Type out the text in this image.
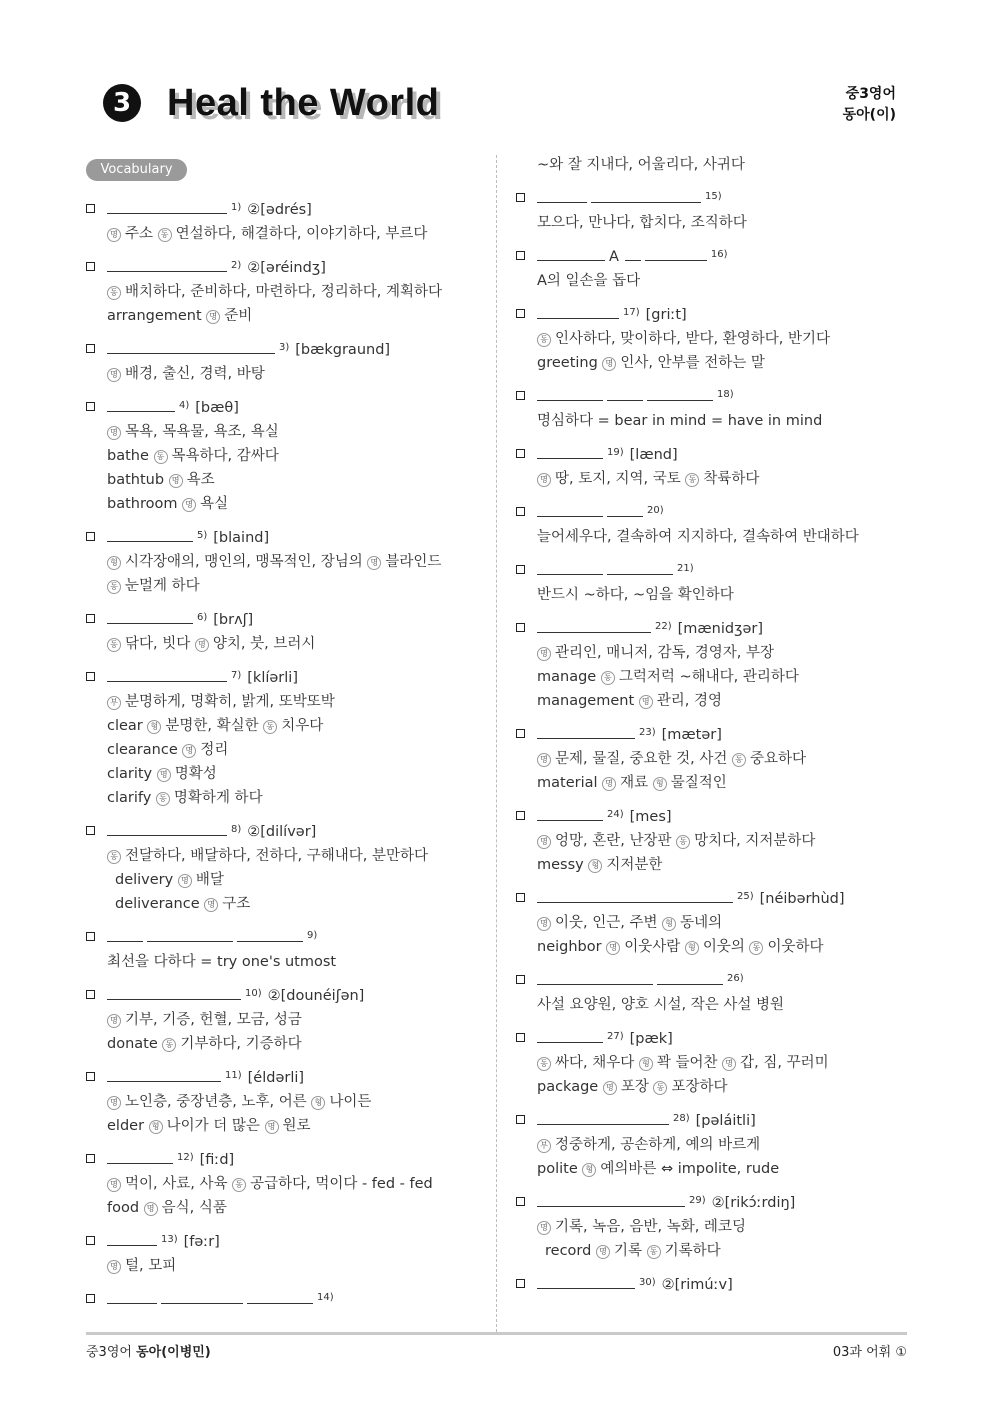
3 Heal the World	중3영어
동아(이)
Vocabulary
$^{1)}$ ②[ədrés]
명 주소 동 연설하다, 해결하다, 이야기하다, 부르다
$^{2)}$ ②[əréindʒ]
동 배치하다, 준비하다, 마련하다, 정리하다, 계획하다
arrangement 명 준비
$^{3)}$ [bækgraund]
명 배경, 출신, 경력, 바탕
$^{4)}$ [bæθ]
명 목욕, 목욕물, 욕조, 욕실
bathe 동 목욕하다, 감싸다
bathtub 명 욕조
bathroom 명 욕실
$^{5)}$ [blaind]
형 시각장애의, 맹인의, 맹목적인, 장님의 명 블라인드
동 눈멀게 하다
$^{6)}$ [brʌʃ]
동 닦다, 빗다 명 양치, 붓, 브러시
$^{7)}$ [klíərli]
부 분명하게, 명확히, 밝게, 또박또박
clear 형 분명한, 확실한 동 치우다
clearance 명 정리
clarity 명 명확성
clarify 동 명확하게 하다
$^{8)}$ ②[dilívər]
동 전달하다, 배달하다, 전하다, 구해내다, 분만하다
delivery 명 배달
deliverance 명 구조
$^{9)}$
최선을 다하다 = try one's utmost
$^{10)}$ ②[dounéiʃən]
명 기부, 기증, 헌혈, 모금, 성금
donate 동 기부하다, 기증하다
$^{11)}$ [éldərli]
명 노인층, 중장년층, 노후, 어른 형 나이든
elder 형 나이가 더 많은 명 원로
$^{12)}$ [fiːd]
명 먹이, 사료, 사육 동 공급하다, 먹이다 - fed - fed
food 명 음식, 식품
$^{13)}$ [fəːr]
명 털, 모피
$^{14)}$
~와 잘 지내다, 어울리다, 사귀다
$^{15)}$
모으다, 만나다, 합치다, 조직하다
A	$^{16)}$
A의 일손을 돕다
$^{17)}$ [griːt]
동 인사하다, 맞이하다, 받다, 환영하다, 반기다
greeting 명 인사, 안부를 전하는 말
$^{18)}$
명심하다 = bear in mind = have in mind
$^{19)}$ [lænd]
명 땅, 토지, 지역, 국토 동 착륙하다
$^{20)}$
늘어세우다, 결속하여 지지하다, 결속하여 반대하다
$^{21)}$
반드시 ~하다, ~임을 확인하다
$^{22)}$ [mænidʒər]
명 관리인, 매니저, 감독, 경영자, 부장
manage 동 그럭저럭 ~해내다, 관리하다
management 명 관리, 경영
$^{23)}$ [mætər]
명 문제, 물질, 중요한 것, 사건 동 중요하다
material 명 재료 형 물질적인
$^{24)}$ [mes]
명 엉망, 혼란, 난장판 동 망치다, 지저분하다
messy 형 지저분한
$^{25)}$ [néibərhùd]
명 이웃, 인근, 주변 형 동네의
neighbor 명 이웃사람 형 이웃의 동 이웃하다
$^{26)}$
사설 요양원, 양호 시설, 작은 사설 병원
$^{27)}$ [pæk]
동 싸다, 채우다 형 꽉 들어찬 명 갑, 짐, 꾸러미
package 명 포장 동 포장하다
$^{28)}$ [pəláitli]
부 정중하게, 공손하게, 예의 바르게
polite 형 예의바른 ⇔ impolite, rude
$^{29)}$ ②[rikɔ́ːrdiŋ]
명 기록, 녹음, 음반, 녹화, 레코딩
record 명 기록 동 기록하다
$^{30)}$ ②[rimúːv]
중3영어 동아(이병민)	03과 어휘 ①
